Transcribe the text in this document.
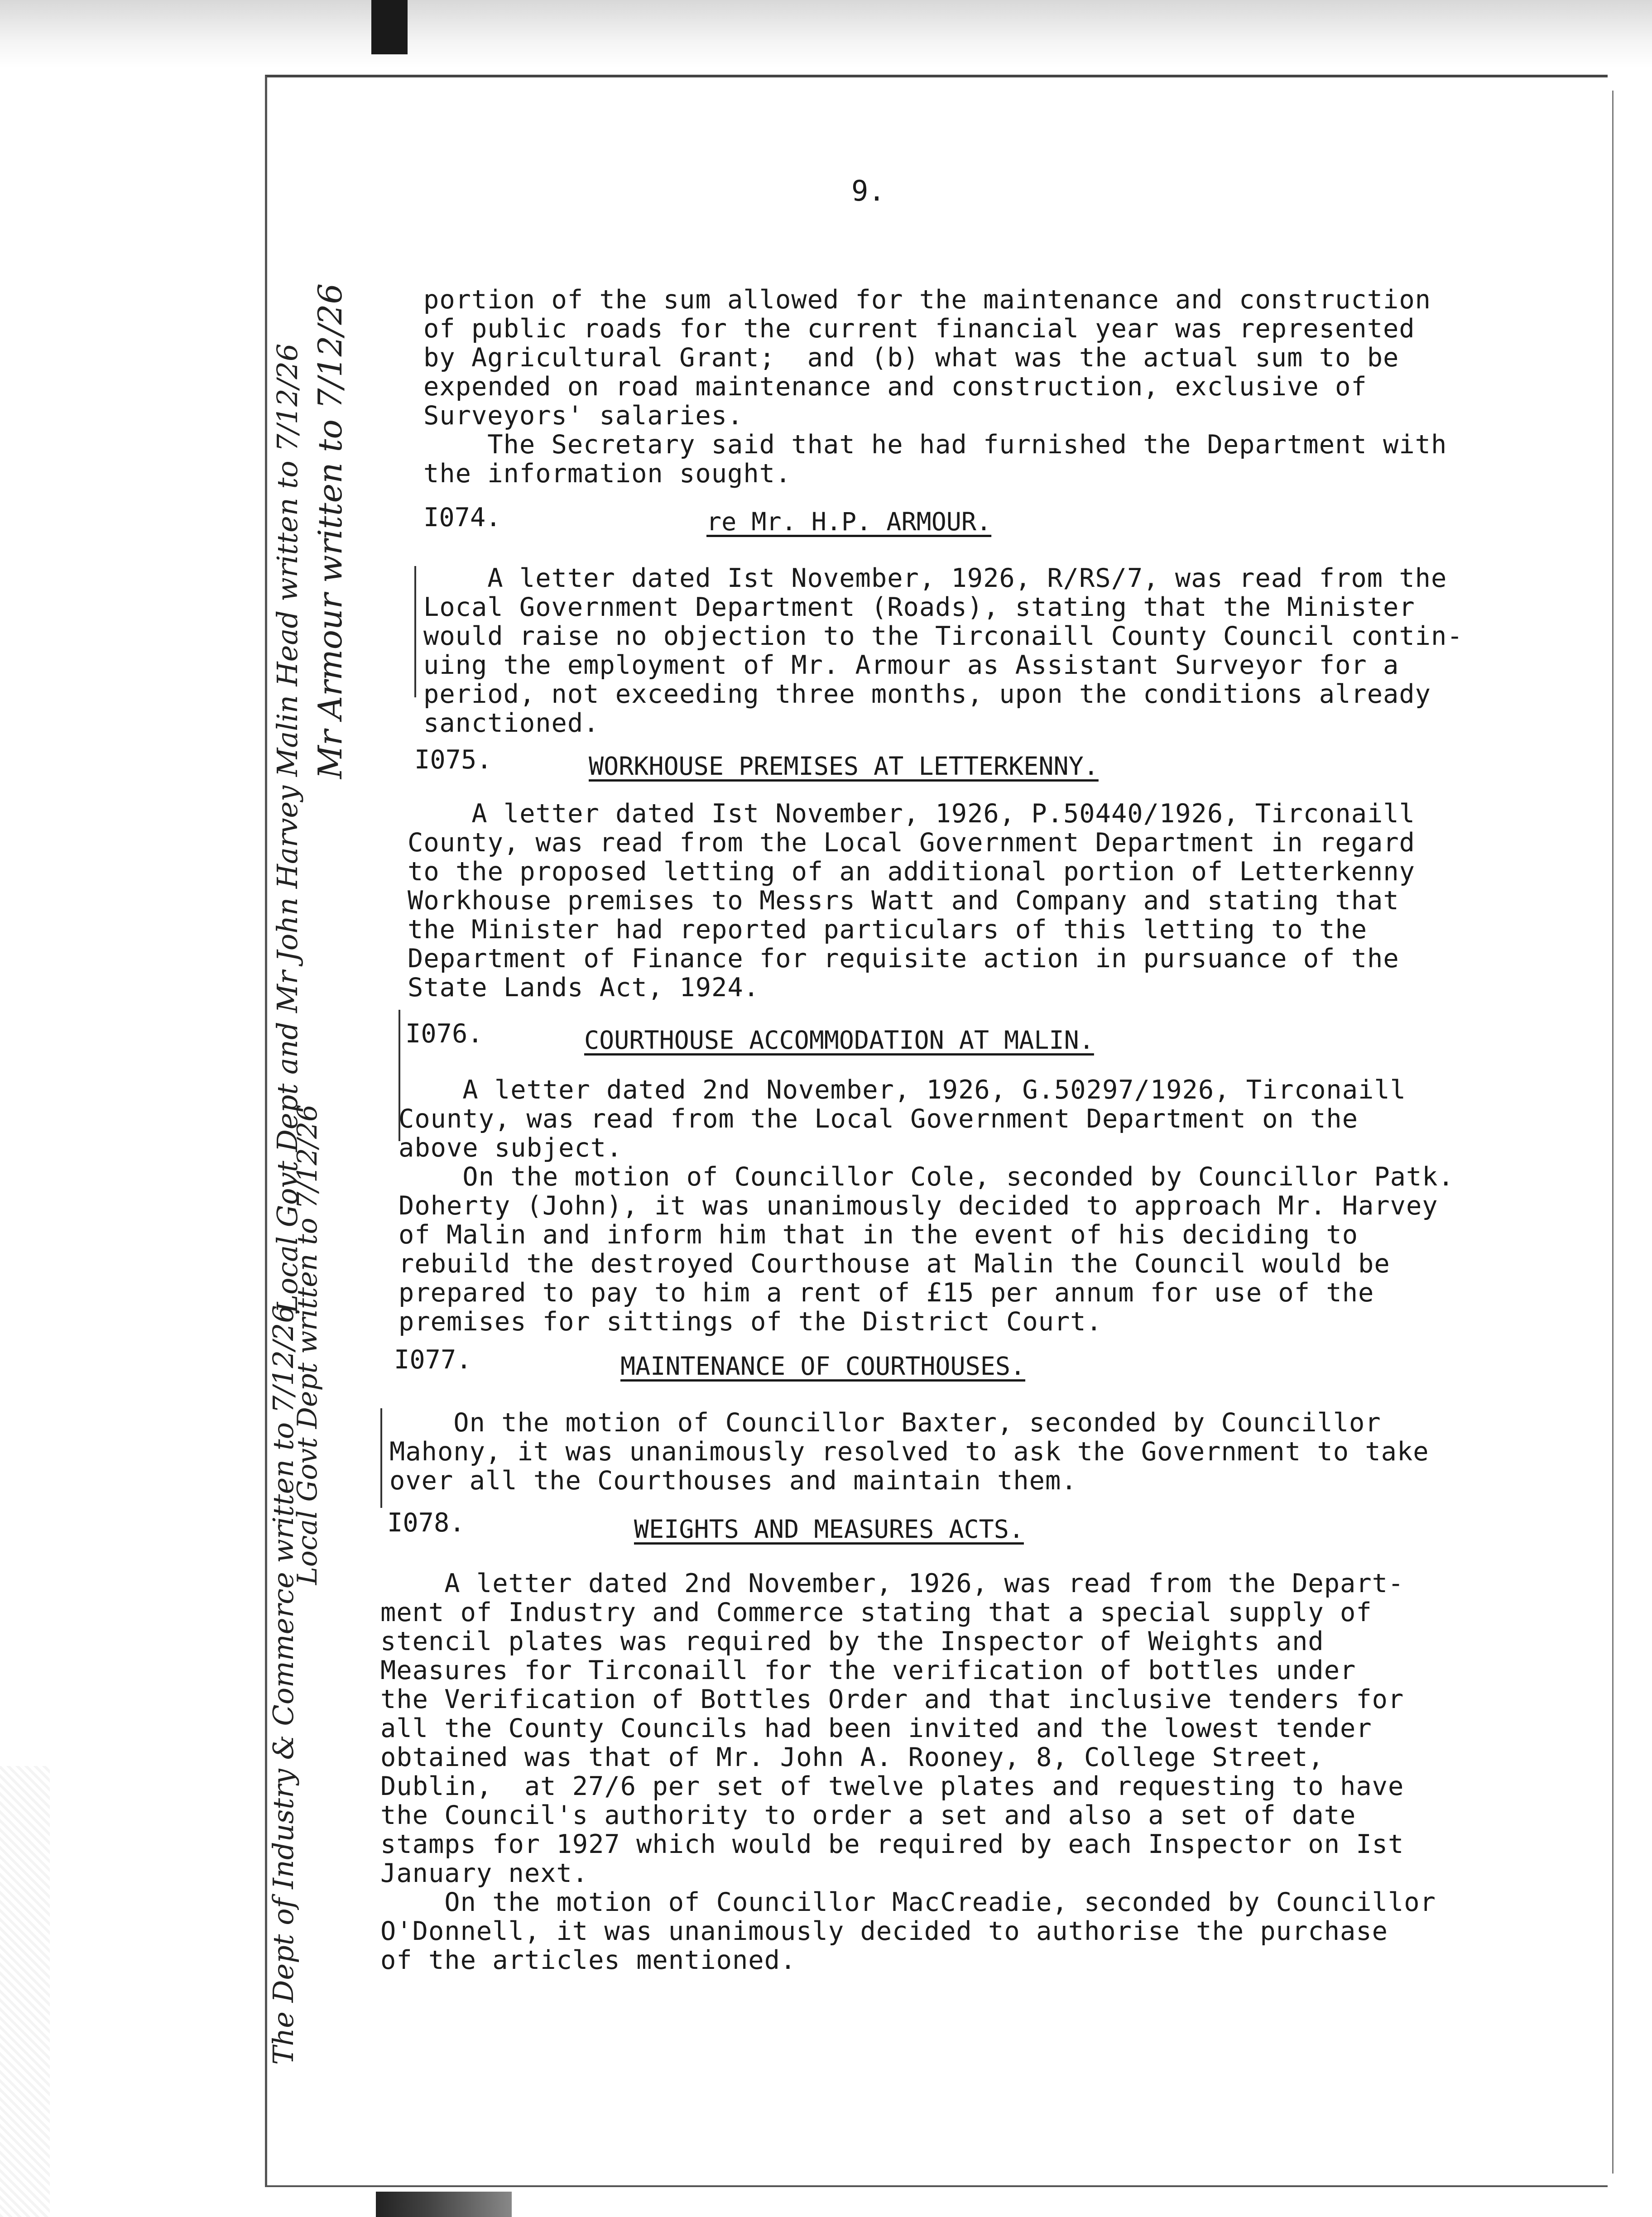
9.
portion of the sum allowed for the maintenance and construction
of public roads for the current financial year was represented
by Agricultural Grant;  and (b) what was the actual sum to be
expended on road maintenance and construction, exclusive of
Surveyors' salaries.
The Secretary said that he had furnished the Department with
the information sought.
I074.	re Mr. H.P. ARMOUR.
A letter dated Ist November, 1926, R/RS/7, was read from the
Local Government Department (Roads), stating that the Minister
would raise no objection to the Tirconaill County Council contin-
uing the employment of Mr. Armour as Assistant Surveyor for a
period, not exceeding three months, upon the conditions already
sanctioned.
I075.	WORKHOUSE PREMISES AT LETTERKENNY.
A letter dated Ist November, 1926, P.50440/1926, Tirconaill
County, was read from the Local Government Department in regard
to the proposed letting of an additional portion of Letterkenny
Workhouse premises to Messrs Watt and Company and stating that
the Minister had reported particulars of this letting to the
Department of Finance for requisite action in pursuance of the
State Lands Act, 1924.
I076.	COURTHOUSE ACCOMMODATION AT MALIN.
A letter dated 2nd November, 1926, G.50297/1926, Tirconaill
County, was read from the Local Government Department on the
above subject.
On the motion of Councillor Cole, seconded by Councillor Patk.
Doherty (John), it was unanimously decided to approach Mr. Harvey
of Malin and inform him that in the event of his deciding to
rebuild the destroyed Courthouse at Malin the Council would be
prepared to pay to him a rent of £15 per annum for use of the
premises for sittings of the District Court.
I077.	MAINTENANCE OF COURTHOUSES.
On the motion of Councillor Baxter, seconded by Councillor
Mahony, it was unanimously resolved to ask the Government to take
over all the Courthouses and maintain them.
I078.	WEIGHTS AND MEASURES ACTS.
A letter dated 2nd November, 1926, was read from the Depart-
ment of Industry and Commerce stating that a special supply of
stencil plates was required by the Inspector of Weights and
Measures for Tirconaill for the verification of bottles under
the Verification of Bottles Order and that inclusive tenders for
all the County Councils had been invited and the lowest tender
obtained was that of Mr. John A. Rooney, 8, College Street,
Dublin,  at 27/6 per set of twelve plates and requesting to have
the Council's authority to order a set and also a set of date
stamps for 1927 which would be required by each Inspector on Ist
January next.
On the motion of Councillor MacCreadie, seconded by Councillor
O'Donnell, it was unanimously decided to authorise the purchase
of the articles mentioned.
Mr Armour written to 7/12/26
Local Govt Dept and Mr John Harvey Malin Head written to 7/12/26
Local Govt Dept written to 7/12/26
The Dept of Industry & Commerce written to 7/12/26
